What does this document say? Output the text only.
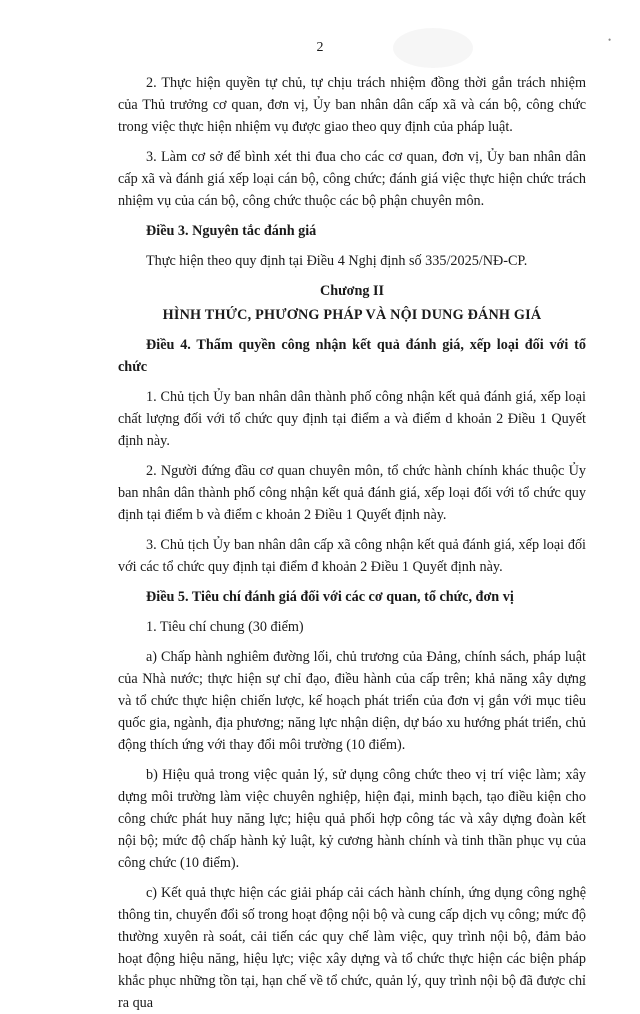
•
2

2. Thực hiện quyền tự chủ, tự chịu trách nhiệm đồng thời gắn trách nhiệm của Thủ trưởng cơ quan, đơn vị, Ủy ban nhân dân cấp xã và cán bộ, công chức trong việc thực hiện nhiệm vụ được giao theo quy định của pháp luật.

3. Làm cơ sở để bình xét thi đua cho các cơ quan, đơn vị, Ủy ban nhân dân cấp xã và đánh giá xếp loại cán bộ, công chức; đánh giá việc thực hiện chức trách nhiệm vụ của cán bộ, công chức thuộc các bộ phận chuyên môn.

Điều 3. Nguyên tắc đánh giá

Thực hiện theo quy định tại Điều 4 Nghị định số 335/2025/NĐ-CP.

Chương II

HÌNH THỨC, PHƯƠNG PHÁP VÀ NỘI DUNG ĐÁNH GIÁ

Điều 4. Thẩm quyền công nhận kết quả đánh giá, xếp loại đối với tổ chức

1. Chủ tịch Ủy ban nhân dân thành phố công nhận kết quả đánh giá, xếp loại chất lượng đối với tổ chức quy định tại điểm a và điểm d khoản 2 Điều 1 Quyết định này.

2. Người đứng đầu cơ quan chuyên môn, tổ chức hành chính khác thuộc Ủy ban nhân dân thành phố công nhận kết quả đánh giá, xếp loại đối với tổ chức quy định tại điểm b và điểm c khoản 2 Điều 1 Quyết định này.

3. Chủ tịch Ủy ban nhân dân cấp xã công nhận kết quả đánh giá, xếp loại đối với các tổ chức quy định tại điểm đ khoản 2 Điều 1 Quyết định này.

Điều 5. Tiêu chí đánh giá đối với các cơ quan, tổ chức, đơn vị

1. Tiêu chí chung (30 điểm)

a) Chấp hành nghiêm đường lối, chủ trương của Đảng, chính sách, pháp luật của Nhà nước; thực hiện sự chỉ đạo, điều hành của cấp trên; khả năng xây dựng và tổ chức thực hiện chiến lược, kế hoạch phát triển của đơn vị gắn với mục tiêu quốc gia, ngành, địa phương; năng lực nhận diện, dự báo xu hướng phát triển, chủ động thích ứng với thay đổi môi trường (10 điểm).

b) Hiệu quả trong việc quản lý, sử dụng công chức theo vị trí việc làm; xây dựng môi trường làm việc chuyên nghiệp, hiện đại, minh bạch, tạo điều kiện cho công chức phát huy năng lực; hiệu quả phối hợp công tác và xây dựng đoàn kết nội bộ; mức độ chấp hành kỷ luật, kỷ cương hành chính và tinh thần phục vụ của công chức (10 điểm).

c) Kết quả thực hiện các giải pháp cải cách hành chính, ứng dụng công nghệ thông tin, chuyển đổi số trong hoạt động nội bộ và cung cấp dịch vụ công; mức độ thường xuyên rà soát, cải tiến các quy chế làm việc, quy trình nội bộ, đảm bảo hoạt động hiệu năng, hiệu lực; việc xây dựng và tổ chức thực hiện các biện pháp khắc phục những tồn tại, hạn chế về tổ chức, quản lý, quy trình nội bộ đã được chỉ ra qua
